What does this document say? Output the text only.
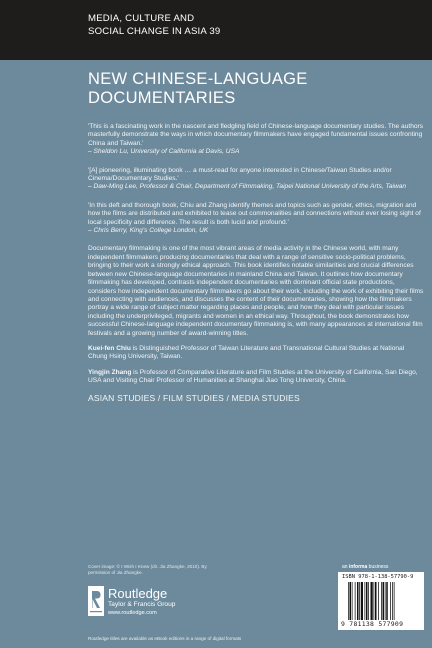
MEDIA, CULTURE AND
SOCIAL CHANGE IN ASIA 39
NEW CHINESE-LANGUAGE
DOCUMENTARIES

'This is a fascinating work in the nascent and fledgling field of Chinese-language documentary studies. The authors masterfully demonstrate the ways in which documentary filmmakers have engaged fundamental issues confronting China and Taiwan.'

– Sheldon Lu, University of California at Davis, USA

'[A] pioneering, illuminating book … a must-read for anyone interested in Chinese/Taiwan Studies and/or Cinema/Documentary Studies.'

– Daw-Ming Lee, Professor & Chair, Department of Filmmaking, Taipei National University of the Arts, Taiwan

'In this deft and thorough book, Chiu and Zhang identify themes and topics such as gender, ethics, migration and how the films are distributed and exhibited to tease out commonalities and connections without ever losing sight of local specificity and difference. The result is both lucid and profound.'

– Chris Berry, King's College London, UK

Documentary filmmaking is one of the most vibrant areas of media activity in the Chinese world, with many independent filmmakers producing documentaries that deal with a range of sensitive socio-political problems, bringing to their work a strongly ethical approach. This book identifies notable similarities and crucial differences between new Chinese-language documentaries in mainland China and Taiwan. It outlines how documentary filmmaking has developed, contrasts independent documentaries with dominant official state productions, considers how independent documentary filmmakers go about their work, including the work of exhibiting their films and connecting with audiences, and discusses the content of their documentaries, showing how the filmmakers portray a wide range of subject matter regarding places and people, and how they deal with particular issues including the underprivileged, migrants and women in an ethical way. Throughout, the book demonstrates how successful Chinese-language independent documentary filmmaking is, with many appearances at international film festivals and a growing number of award-winning titles.

Kuei-fen Chiu is Distinguished Professor of Taiwan Literature and Transnational Cultural Studies at National Chung Hsing University, Taiwan.

Yingjin Zhang is Professor of Comparative Literature and Film Studies at the University of California, San Diego, USA and Visiting Chair Professor of Humanities at Shanghai Jiao Tong University, China.

ASIAN STUDIES / FILM STUDIES / MEDIA STUDIES
Cover image: © I Wish I Knew (dir. Jia Zhangke, 2010). By permission of Jia Zhangke.
Routledge
Taylor & Francis Group
www.routledge.com
an informa business
ISBN 978-1-138-57790-9
9 781138 577909
Routledge titles are available as eBook editions in a range of digital formats
